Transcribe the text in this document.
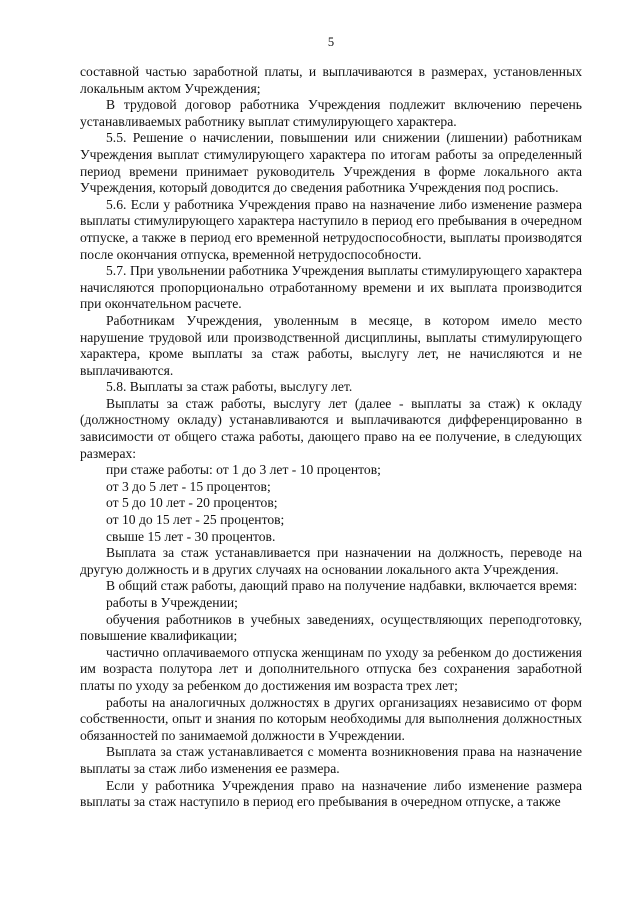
5

составной частью заработной платы, и выплачиваются в размерах, установленных локальным актом Учреждения;

В трудовой договор работника Учреждения подлежит включению перечень устанавливаемых работнику выплат стимулирующего характера.

5.5. Решение о начислении, повышении или снижении (лишении) работникам Учреждения выплат стимулирующего характера по итогам работы за определенный период времени принимает руководитель Учреждения в форме локального акта Учреждения, который доводится до сведения работника Учреждения под роспись.

5.6. Если у работника Учреждения право на назначение либо изменение размера выплаты стимулирующего характера наступило в период его пребывания в очередном отпуске, а также в период его временной нетрудоспособности, выплаты производятся после окончания отпуска, временной нетрудоспособности.

5.7. При увольнении работника Учреждения выплаты стимулирующего характера начисляются пропорционально отработанному времени и их выплата производится при окончательном расчете.

Работникам Учреждения, уволенным в месяце, в котором имело место нарушение трудовой или производственной дисциплины, выплаты стимулирующего характера, кроме выплаты за стаж работы, выслугу лет, не начисляются и не выплачиваются.

5.8. Выплаты за стаж работы, выслугу лет.

Выплаты за стаж работы, выслугу лет (далее - выплаты за стаж) к окладу (должностному окладу) устанавливаются и выплачиваются дифференцированно в зависимости от общего стажа работы, дающего право на ее получение, в следующих размерах:

при стаже работы: от 1 до 3 лет - 10 процентов;

от 3 до 5 лет - 15 процентов;

от 5 до 10 лет - 20 процентов;

от 10 до 15 лет - 25 процентов;

свыше 15 лет - 30 процентов.

Выплата за стаж устанавливается при назначении на должность, переводе на другую должность и в других случаях на основании локального акта Учреждения.

В общий стаж работы, дающий право на получение надбавки, включается время:

работы в Учреждении;

обучения работников в учебных заведениях, осуществляющих переподготовку, повышение квалификации;

частично оплачиваемого отпуска женщинам по уходу за ребенком до достижения им возраста полутора лет и дополнительного отпуска без сохранения заработной платы по уходу за ребенком до достижения им возраста трех лет;

работы на аналогичных должностях в других организациях независимо от форм собственности, опыт и знания по которым необходимы для выполнения должностных обязанностей по занимаемой должности в Учреждении.

Выплата за стаж устанавливается с момента возникновения права на назначение выплаты за стаж либо изменения ее размера.

Если у работника Учреждения право на назначение либо изменение размера выплаты за стаж наступило в период его пребывания в очередном отпуске, а также
